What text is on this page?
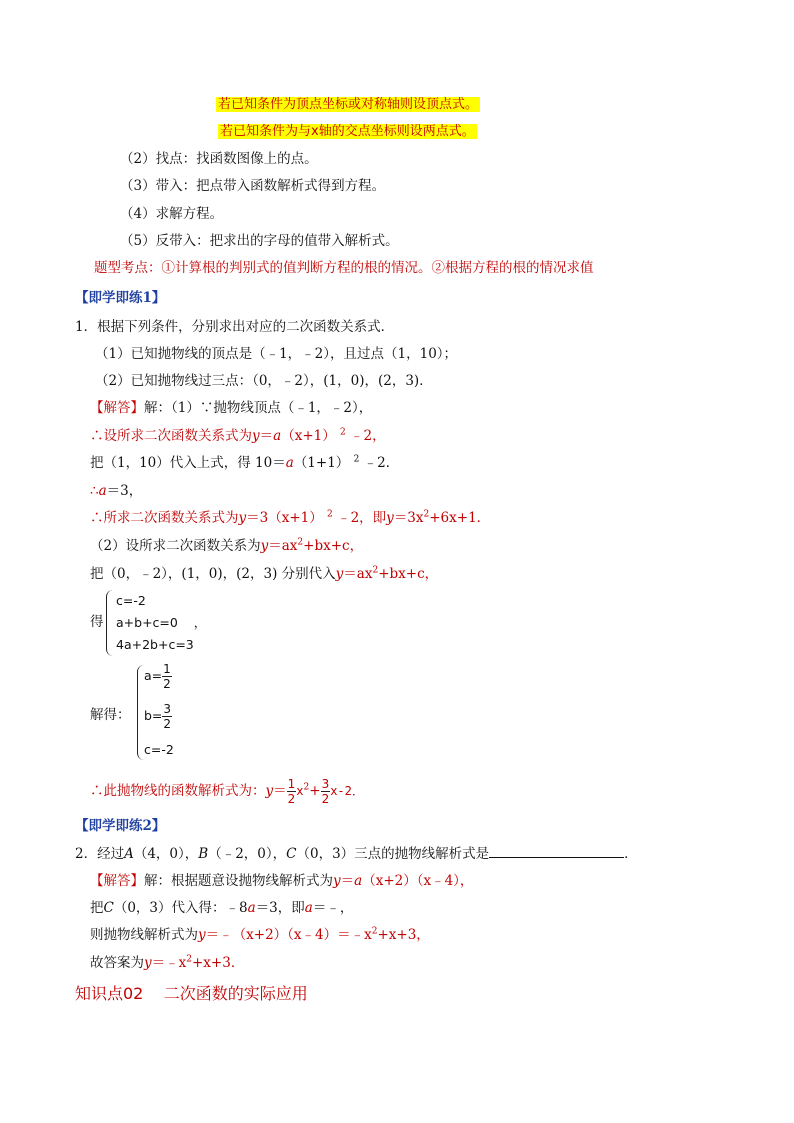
若已知条件为顶点坐标或对称轴则设顶点式。
若已知条件为与x轴的交点坐标则设两点式。
（2）找点：找函数图像上的点。
（3）带入：把点带入函数解析式得到方程。
（4）求解方程。
（5）反带入：把求出的字母的值带入解析式。
题型考点：①计算根的判别式的值判断方程的根的情况。②根据方程的根的情况求值
【即学即练1】
1．根据下列条件，分别求出对应的二次函数关系式．
（1）已知抛物线的顶点是（﹣1，﹣2），且过点（1，10）；
（2）已知抛物线过三点：（0，﹣2），(1，0)，(2，3)．
【解答】解：（1）∵抛物线顶点（﹣1，﹣2），
∴设所求二次函数关系式为y＝a（x+1） $^2$ ﹣2，
把（1，10）代入上式，得 10＝a（1+1） $^2$ ﹣2．
∴a＝3，
∴所求二次函数关系式为y＝3（x+1） $^2$ ﹣2，即$y=3x^2+6x+1$．
（2）设所求二次函数关系为$y=ax^2+bx+c$，
把（0，﹣2），(1，0)，(2，3) 分别代入$y=ax^2+bx+c$，
得
c=-2
a+b+c=0 ，
4a+2b+c=3
解得：
$a= \frac{1}{2}$
$b= \frac{3}{2}$
c=-2
∴此抛物线的函数解析式为：$y= \frac{1}{2} x^2+ \frac{3}{2} x-2$．
【即学即练2】
2．经过A（4，0），B（﹣2，0），C（0，3）三点的抛物线解析式是	．
【解答】解：根据题意设抛物线解析式为y＝a（x+2）（x﹣4），
把C（0，3）代入得：﹣8a＝3，即a＝﹣，
则抛物线解析式为$y=﹣(x+2)(x﹣4)=﹣x^2+x+3$，
故答案为$y=﹣x^2+x+3$．
知识点02 二次函数的实际应用
